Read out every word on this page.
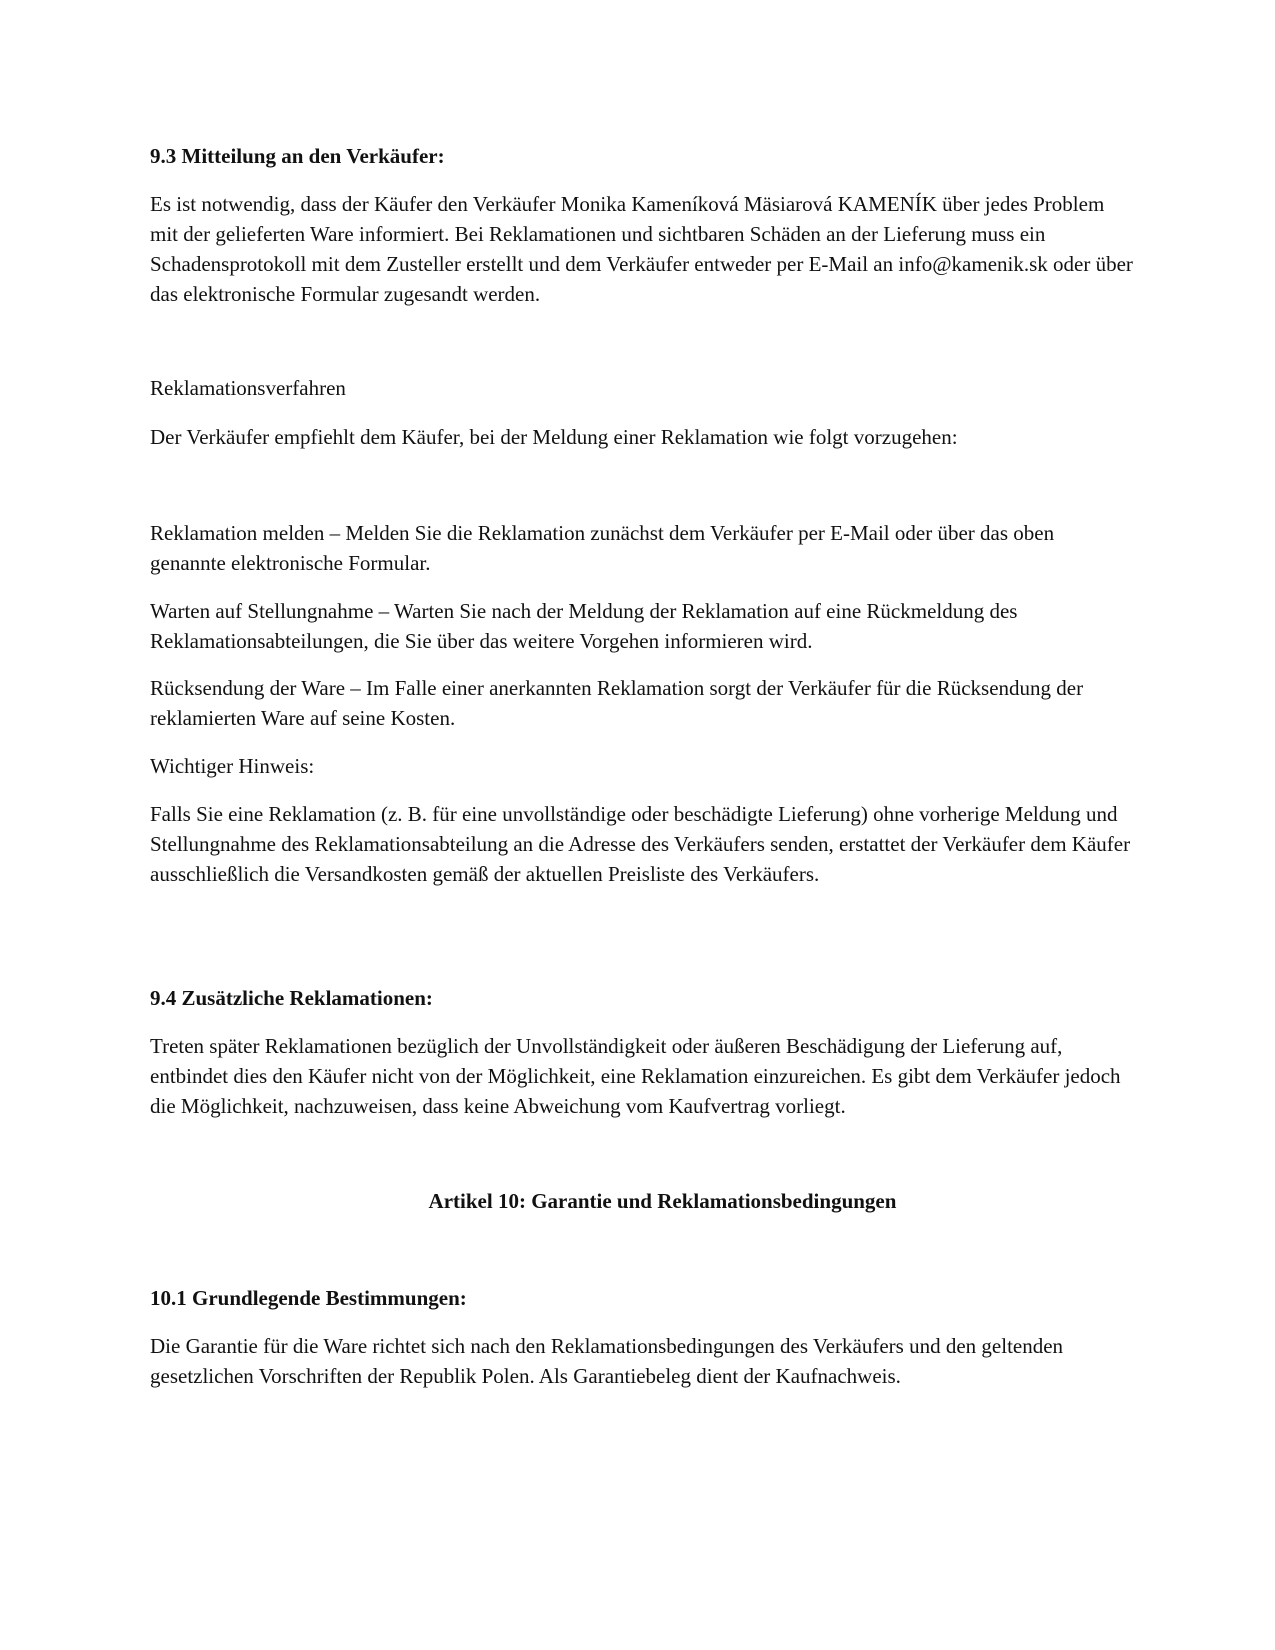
9.3 Mitteilung an den Verkäufer:

Es ist notwendig, dass der Käufer den Verkäufer Monika Kameníková Mäsiarová KAMENÍK über jedes Problem mit der gelieferten Ware informiert. Bei Reklamationen und sichtbaren Schäden an der Lieferung muss ein Schadensprotokoll mit dem Zusteller erstellt und dem Verkäufer entweder per E-Mail an info@kamenik.sk oder über das elektronische Formular zugesandt werden.

Reklamationsverfahren

Der Verkäufer empfiehlt dem Käufer, bei der Meldung einer Reklamation wie folgt vorzugehen:

Reklamation melden – Melden Sie die Reklamation zunächst dem Verkäufer per E-Mail oder über das oben genannte elektronische Formular.

Warten auf Stellungnahme – Warten Sie nach der Meldung der Reklamation auf eine Rückmeldung des Reklamationsabteilungen, die Sie über das weitere Vorgehen informieren wird.

Rücksendung der Ware – Im Falle einer anerkannten Reklamation sorgt der Verkäufer für die Rücksendung der reklamierten Ware auf seine Kosten.

Wichtiger Hinweis:

Falls Sie eine Reklamation (z. B. für eine unvollständige oder beschädigte Lieferung) ohne vorherige Meldung und Stellungnahme des Reklamationsabteilung an die Adresse des Verkäufers senden, erstattet der Verkäufer dem Käufer ausschließlich die Versandkosten gemäß der aktuellen Preisliste des Verkäufers.

9.4 Zusätzliche Reklamationen:

Treten später Reklamationen bezüglich der Unvollständigkeit oder äußeren Beschädigung der Lieferung auf, entbindet dies den Käufer nicht von der Möglichkeit, eine Reklamation einzureichen. Es gibt dem Verkäufer jedoch die Möglichkeit, nachzuweisen, dass keine Abweichung vom Kaufvertrag vorliegt.

Artikel 10: Garantie und Reklamationsbedingungen

10.1 Grundlegende Bestimmungen:

Die Garantie für die Ware richtet sich nach den Reklamationsbedingungen des Verkäufers und den geltenden gesetzlichen Vorschriften der Republik Polen. Als Garantiebeleg dient der Kaufnachweis.
